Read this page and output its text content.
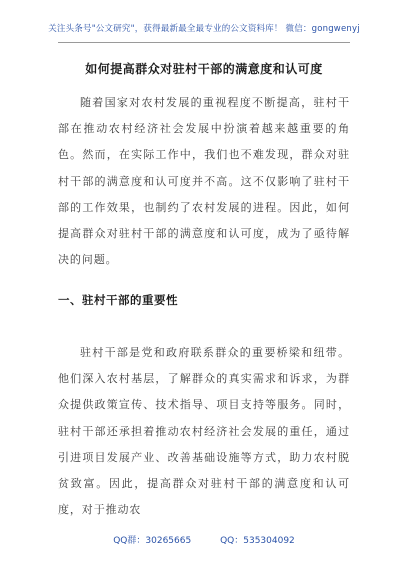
关注头条号"公文研究"，获得最新最全最专业的公文资料库！ 微信：gongwenyj
如何提高群众对驻村干部的满意度和认可度

随着国家对农村发展的重视程度不断提高，驻村干部在推动农村经济社会发展中扮演着越来越重要的角色。然而，在实际工作中，我们也不难发现，群众对驻村干部的满意度和认可度并不高。这不仅影响了驻村干部的工作效果，也制约了农村发展的进程。因此，如何提高群众对驻村干部的满意度和认可度，成为了亟待解决的问题。

一、驻村干部的重要性

驻村干部是党和政府联系群众的重要桥梁和纽带。他们深入农村基层，了解群众的真实需求和诉求，为群众提供政策宣传、技术指导、项目支持等服务。同时，驻村干部还承担着推动农村经济社会发展的重任，通过引进项目发展产业、改善基础设施等方式，助力农村脱贫致富。因此，提高群众对驻村干部的满意度和认可度，对于推动农

QQ群：30265665	QQ：535304092
